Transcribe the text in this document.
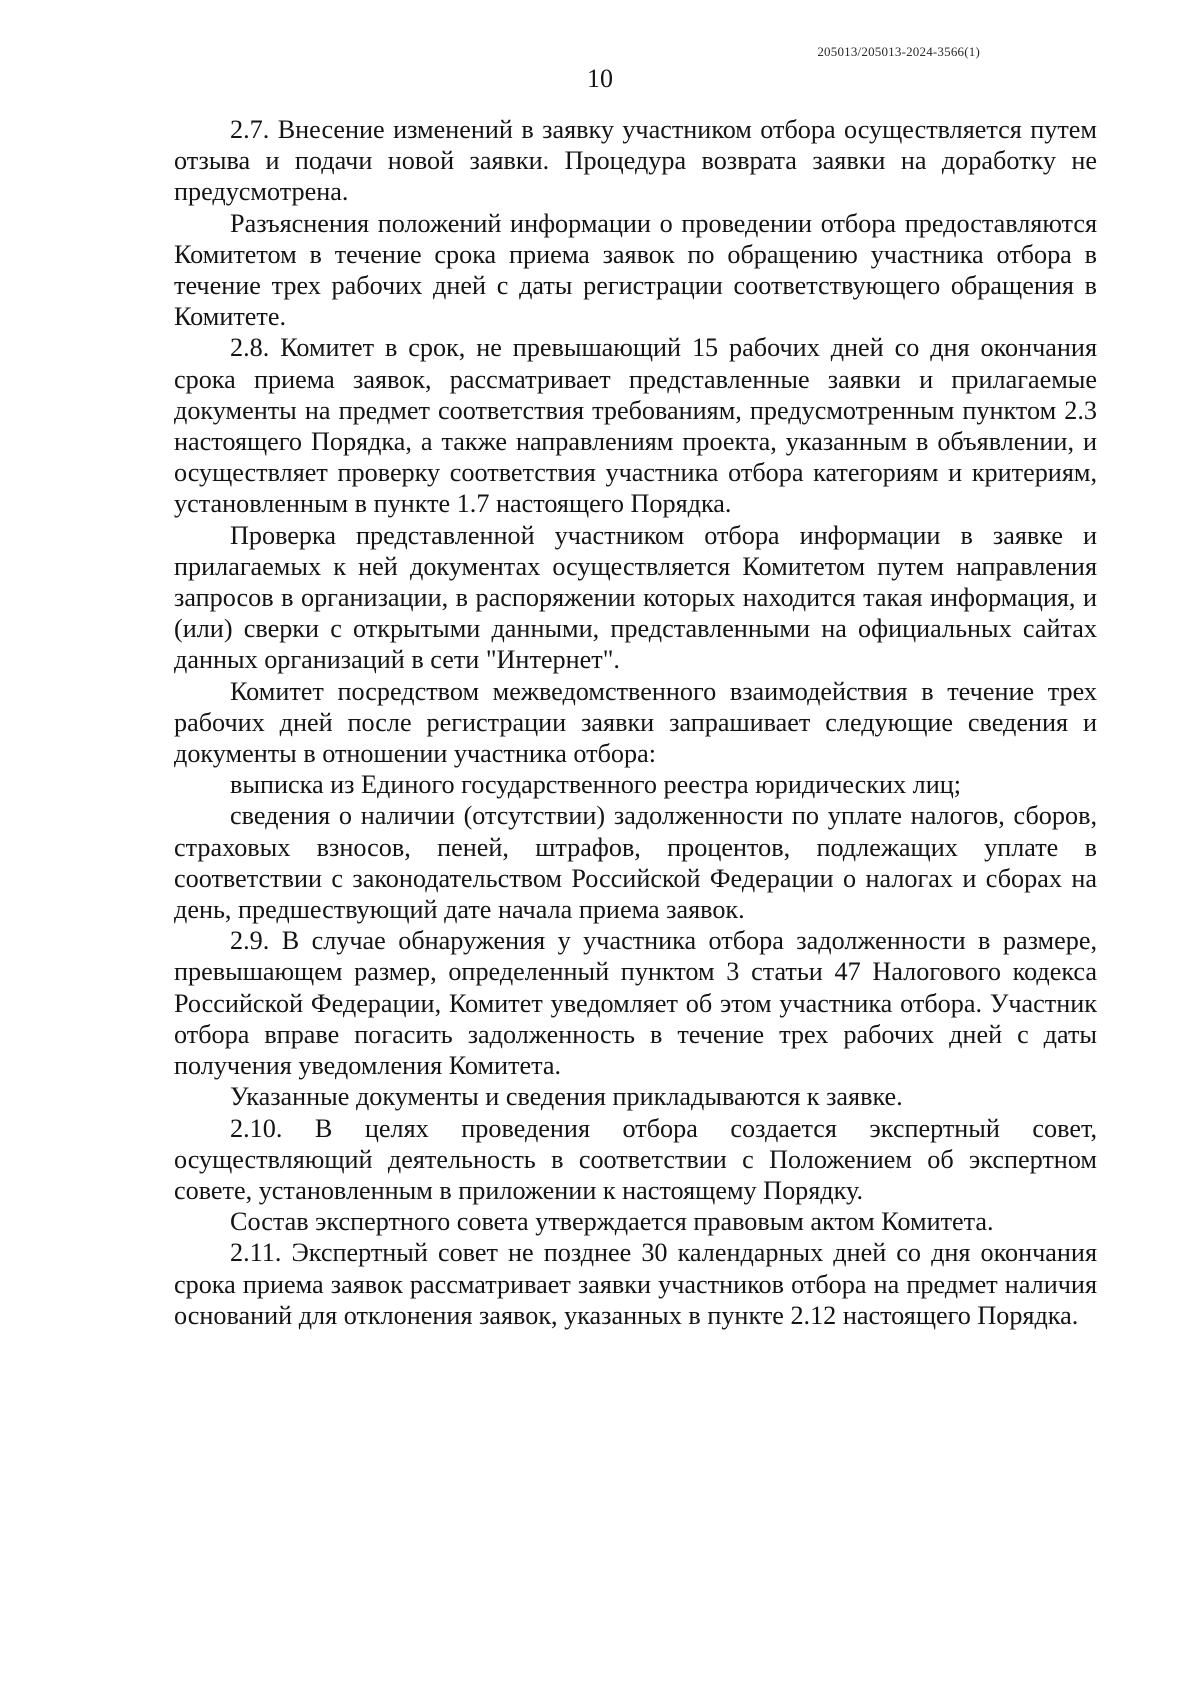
205013/205013-2024-3566(1)
10

2.7. Внесение изменений в заявку участником отбора осуществляется путем отзыва и подачи новой заявки. Процедура возврата заявки на доработку не предусмотрена.

Разъяснения положений информации о проведении отбора предоставляются Комитетом в течение срока приема заявок по обращению участника отбора в течение трех рабочих дней с даты регистрации соответствующего обращения в Комитете.

2.8. Комитет в срок, не превышающий 15 рабочих дней со дня окончания срока приема заявок, рассматривает представленные заявки и прилагаемые документы на предмет соответствия требованиям, предусмотренным пунктом 2.3 настоящего Порядка, а также направлениям проекта, указанным в объявлении, и осуществляет проверку соответствия участника отбора категориям и критериям, установленным в пункте 1.7 настоящего Порядка.

Проверка представленной участником отбора информации в заявке и прилагаемых к ней документах осуществляется Комитетом путем направления запросов в организации, в распоряжении которых находится такая информация, и (или) сверки с открытыми данными, представленными на официальных сайтах данных организаций в сети "Интернет".

Комитет посредством межведомственного взаимодействия в течение трех рабочих дней после регистрации заявки запрашивает следующие сведения и документы в отношении участника отбора:

выписка из Единого государственного реестра юридических лиц;

сведения о наличии (отсутствии) задолженности по уплате налогов, сборов, страховых взносов, пеней, штрафов, процентов, подлежащих уплате в соответствии с законодательством Российской Федерации о налогах и сборах на день, предшествующий дате начала приема заявок.

2.9. В случае обнаружения у участника отбора задолженности в размере, превышающем размер, определенный пунктом 3 статьи 47 Налогового кодекса Российской Федерации, Комитет уведомляет об этом участника отбора. Участник отбора вправе погасить задолженность в течение трех рабочих дней с даты получения уведомления Комитета.

Указанные документы и сведения прикладываются к заявке.

2.10. В целях проведения отбора создается экспертный совет, осуществляющий деятельность в соответствии с Положением об экспертном совете, установленным в приложении к настоящему Порядку.

Состав экспертного совета утверждается правовым актом Комитета.

2.11. Экспертный совет не позднее 30 календарных дней со дня окончания срока приема заявок рассматривает заявки участников отбора на предмет наличия оснований для отклонения заявок, указанных в пункте 2.12 настоящего Порядка.
